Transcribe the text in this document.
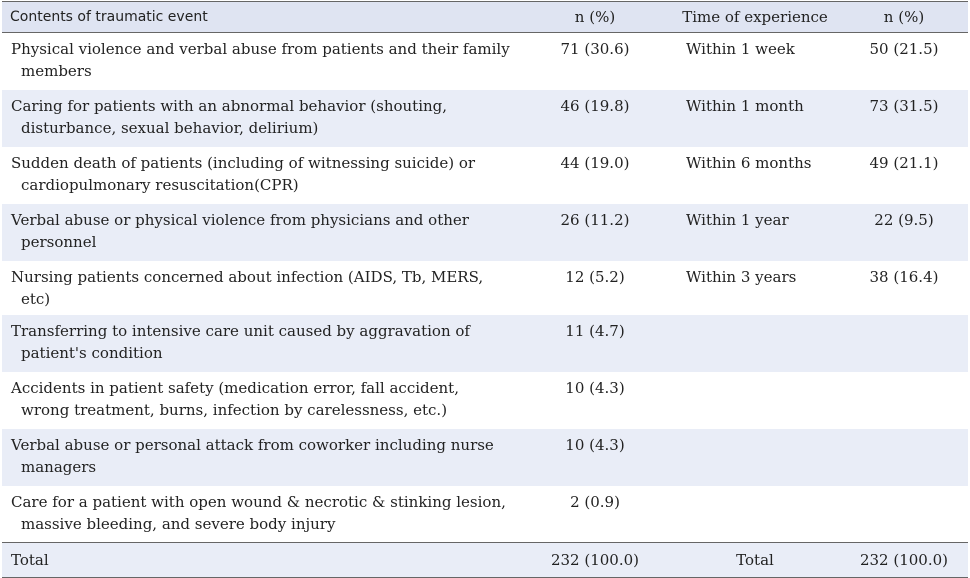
Contents of traumatic event	n (%)	Time of experience	n (%)

Physical violence and verbal abuse from patients and their family members	71 (30.6)	Within 1 week	50 (21.5)

Caring for patients with an abnormal behavior (shouting, disturbance, sexual behavior, delirium)	46 (19.8)	Within 1 month	73 (31.5)

Sudden death of patients (including of witnessing suicide) or cardiopulmonary resuscitation(CPR)	44 (19.0)	Within 6 months	49 (21.1)

Verbal abuse or physical violence from physicians and other personnel	26 (11.2)	Within 1 year	22 (9.5)

Nursing patients concerned about infection (AIDS, Tb, MERS, etc)	12 (5.2)	Within 3 years	38 (16.4)

Transferring to intensive care unit caused by aggravation of patient's condition	11 (4.7)		

Accidents in patient safety (medication error, fall accident, wrong treatment, burns, infection by carelessness, etc.)	10 (4.3)		

Verbal abuse or personal attack from coworker including nurse managers	10 (4.3)		

Care for a patient with open wound & necrotic & stinking lesion, massive bleeding, and severe body injury	2 (0.9)		
Total	232 (100.0)	Total	232 (100.0)
